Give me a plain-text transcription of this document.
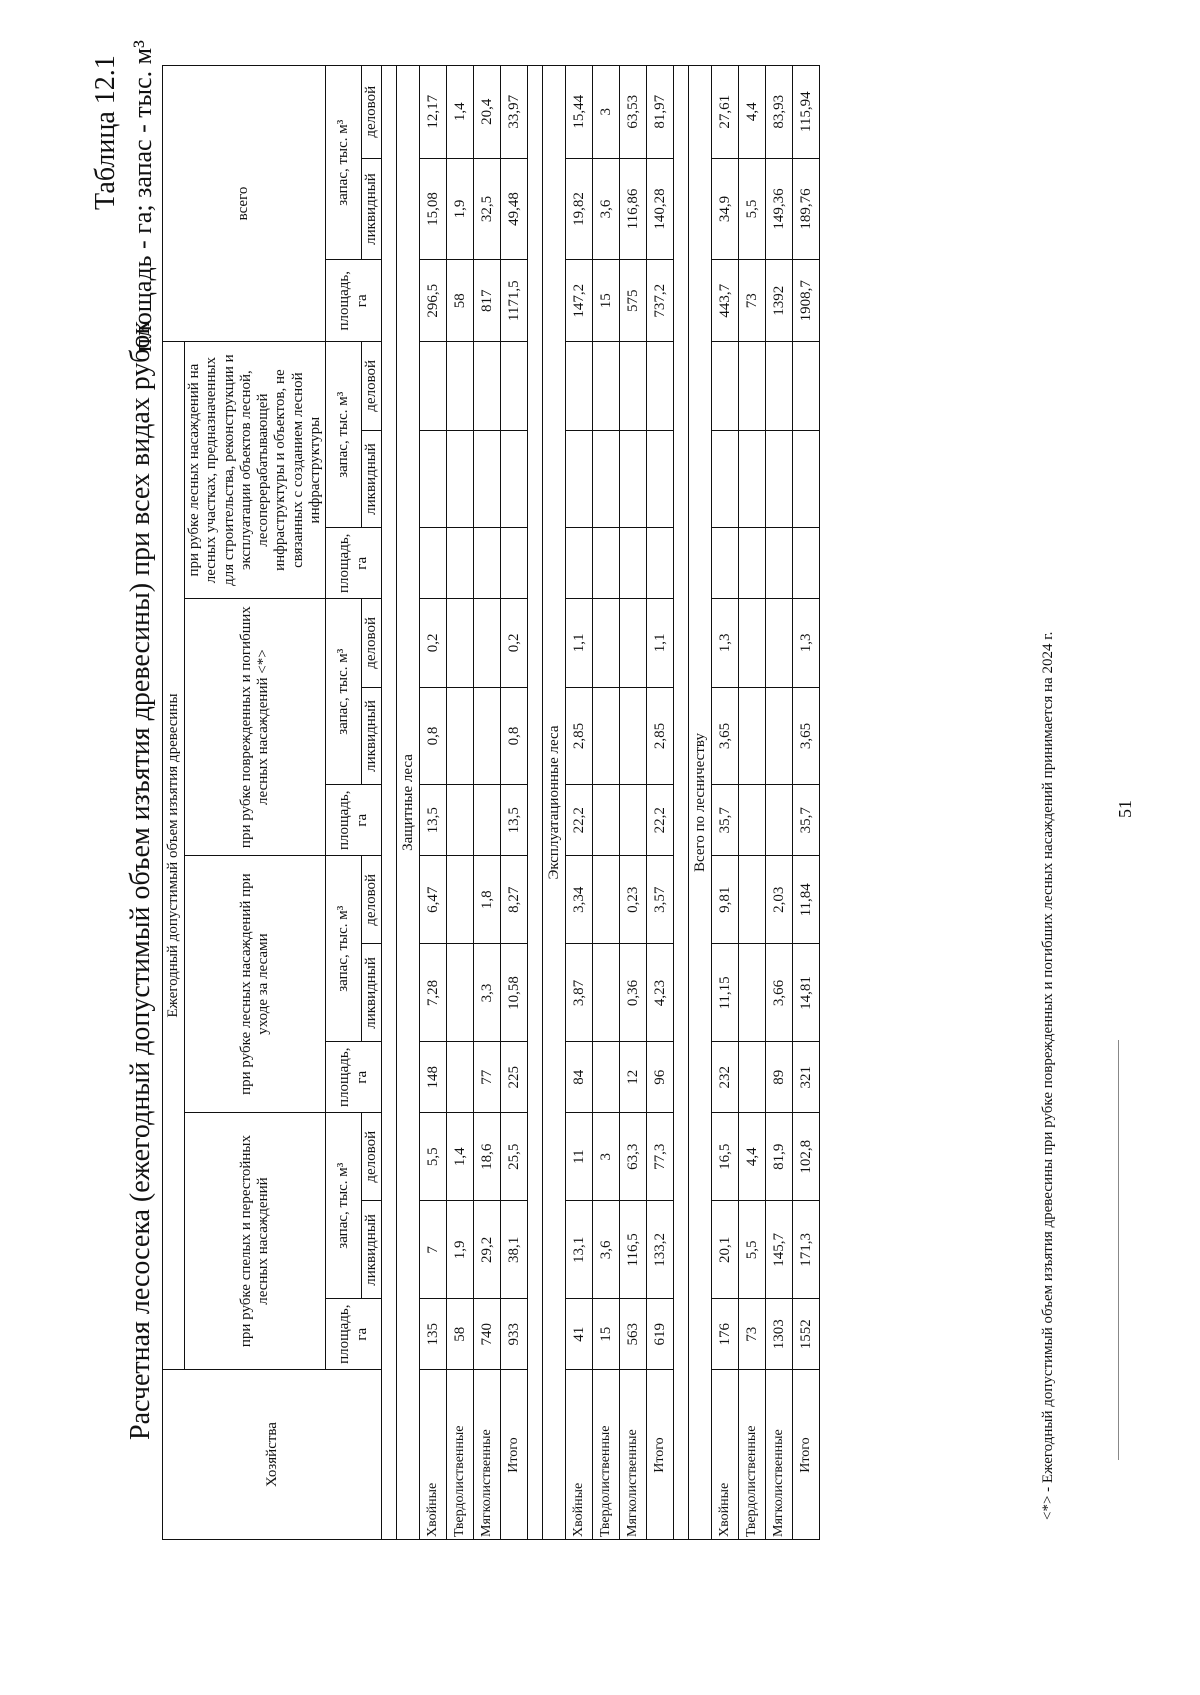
Расчетная лесосека (ежегодный допустимый объем изъятия древесины) при всех видах рубок
Таблица 12.1 площадь - га; запас - тыс. м³
Хозяйства	Ежегодный допустимый объем изъятия древесины												всего		
	при рубке спелых и перестойных лесных насаждений			при рубке лесных насаждений при уходе за лесами			при рубке поврежденных и погибших лесных насаждений <*>			при рубке лесных насаждений на лесных участках, предназначенных для строительства, реконструкции и эксплуатации объектов лесной, лесоперерабатывающей инфраструктуры и объектов, не связанных с созданием лесной инфраструктуры					
	площадь, га	запас, тыс. м³		площадь, га	запас, тыс. м³		площадь, га	запас, тыс. м³		площадь, га	запас, тыс. м³		площадь, га	запас, тыс. м³	
		ликвидный	деловой		ликвидный	деловой		ликвидный	деловой		ликвидный	деловой		ликвидный	деловой

Защитные леса															
Хвойные	135	7	5,5	148	7,28	6,47	13,5	0,8	0,2				296,5	15,08	12,17
Твердолиственные	58	1,9	1,4										58	1,9	1,4
Мягколиственные	740	29,2	18,6	77	3,3	1,8							817	32,5	20,4
Итого	933	38,1	25,5	225	10,58	8,27	13,5	0,8	0,2				1171,5	49,48	33,97

Эксплуатационные леса															
Хвойные	41	13,1	11	84	3,87	3,34	22,2	2,85	1,1				147,2	19,82	15,44
Твердолиственные	15	3,6	3										15	3,6	3
Мягколиственные	563	116,5	63,3	12	0,36	0,23							575	116,86	63,53
Итого	619	133,2	77,3	96	4,23	3,57	22,2	2,85	1,1				737,2	140,28	81,97

Всего по лесничеству															
Хвойные	176	20,1	16,5	232	11,15	9,81	35,7	3,65	1,3				443,7	34,9	27,61
Твердолиственные	73	5,5	4,4										73	5,5	4,4
Мягколиственные	1303	145,7	81,9	89	3,66	2,03							1392	149,36	83,93
Итого	1552	171,3	102,8	321	14,81	11,84	35,7	3,65	1,3				1908,7	189,76	115,94
<*> - Ежегодный допустимый объем изъятия древесины при рубке поврежденных и погибших лесных насаждений принимается на 2024 г.	51
